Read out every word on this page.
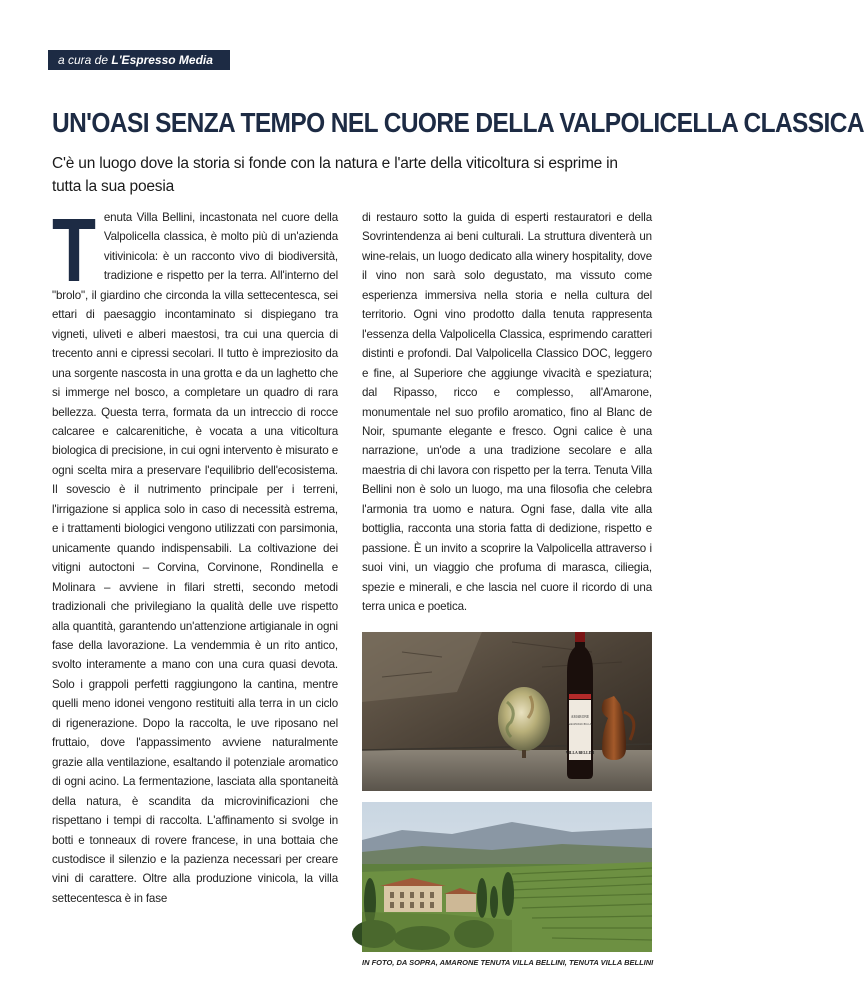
a cura de L'Espresso Media
UN'OASI SENZA TEMPO NEL CUORE DELLA VALPOLICELLA CLASSICA

C'è un luogo dove la storia si fonde con la natura e l'arte della viticoltura si esprime in tutta la sua poesia

Tenuta Villa Bellini, incastonata nel cuore della Valpolicella classica, è molto più di un'azienda vitivinicola: è un racconto vivo di biodiversità, tradizione e rispetto per la terra. All'interno del "brolo", il giardino che circonda la villa settecentesca, sei ettari di paesaggio incontaminato si dispiegano tra vigneti, uliveti e alberi maestosi, tra cui una quercia di trecento anni e cipressi secolari. Il tutto è impreziosito da una sorgente nascosta in una grotta e da un laghetto che si immerge nel bosco, a completare un quadro di rara bellezza. Questa terra, formata da un intreccio di rocce calcaree e calcarenitiche, è vocata a una viticoltura biologica di precisione, in cui ogni intervento è misurato e ogni scelta mira a preservare l'equilibrio dell'ecosistema. Il sovescio è il nutrimento principale per i terreni, l'irrigazione si applica solo in caso di necessità estrema, e i trattamenti biologici vengono utilizzati con parsimonia, unicamente quando indispensabili. La coltivazione dei vitigni autoctoni – Corvina, Corvinone, Rondinella e Molinara – avviene in filari stretti, secondo metodi tradizionali che privilegiano la qualità delle uve rispetto alla quantità, garantendo un'attenzione artigianale in ogni fase della lavorazione. La vendemmia è un rito antico, svolto interamente a mano con una cura quasi devota. Solo i grappoli perfetti raggiungono la cantina, mentre quelli meno idonei vengono restituiti alla terra in un ciclo di rigenerazione. Dopo la raccolta, le uve riposano nel fruttaio, dove l'appassimento avviene naturalmente grazie alla ventilazione, esaltando il potenziale aromatico di ogni acino. La fermentazione, lasciata alla spontaneità della natura, è scandita da microvinificazioni che rispettano i tempi di raccolta. L'affinamento si svolge in botti e tonneaux di rovere francese, in una bottaia che custodisce il silenzio e la pazienza necessari per creare vini di carattere. Oltre alla produzione vinicola, la villa settecentesca è in fase

di restauro sotto la guida di esperti restauratori e della Sovrintendenza ai beni culturali. La struttura diventerà un wine-relais, un luogo dedicato alla winery hospitality, dove il vino non sarà solo degustato, ma vissuto come esperienza immersiva nella storia e nella cultura del territorio. Ogni vino prodotto dalla tenuta rappresenta l'essenza della Valpolicella Classica, esprimendo caratteri distinti e profondi. Dal Valpolicella Classico DOC, leggero e fine, al Superiore che aggiunge vivacità e speziatura; dal Ripasso, ricco e complesso, all'Amarone, monumentale nel suo profilo aromatico, fino al Blanc de Noir, spumante elegante e fresco. Ogni calice è una narrazione, un'ode a una tradizione secolare e alla maestria di chi lavora con rispetto per la terra. Tenuta Villa Bellini non è solo un luogo, ma una filosofia che celebra l'armonia tra uomo e natura. Ogni fase, dalla vite alla bottiglia, racconta una storia fatta di dedizione, rispetto e passione. È un invito a scoprire la Valpolicella attraverso i suoi vini, un viaggio che profuma di marasca, ciliegia, spezie e minerali, e che lascia nel cuore il ricordo di una terra unica e poetica.

AMARONE
VALPOLICELLA
VILLA BELLINI

IN FOTO, DA SOPRA, AMARONE TENUTA VILLA BELLINI, TENUTA VILLA BELLINI
